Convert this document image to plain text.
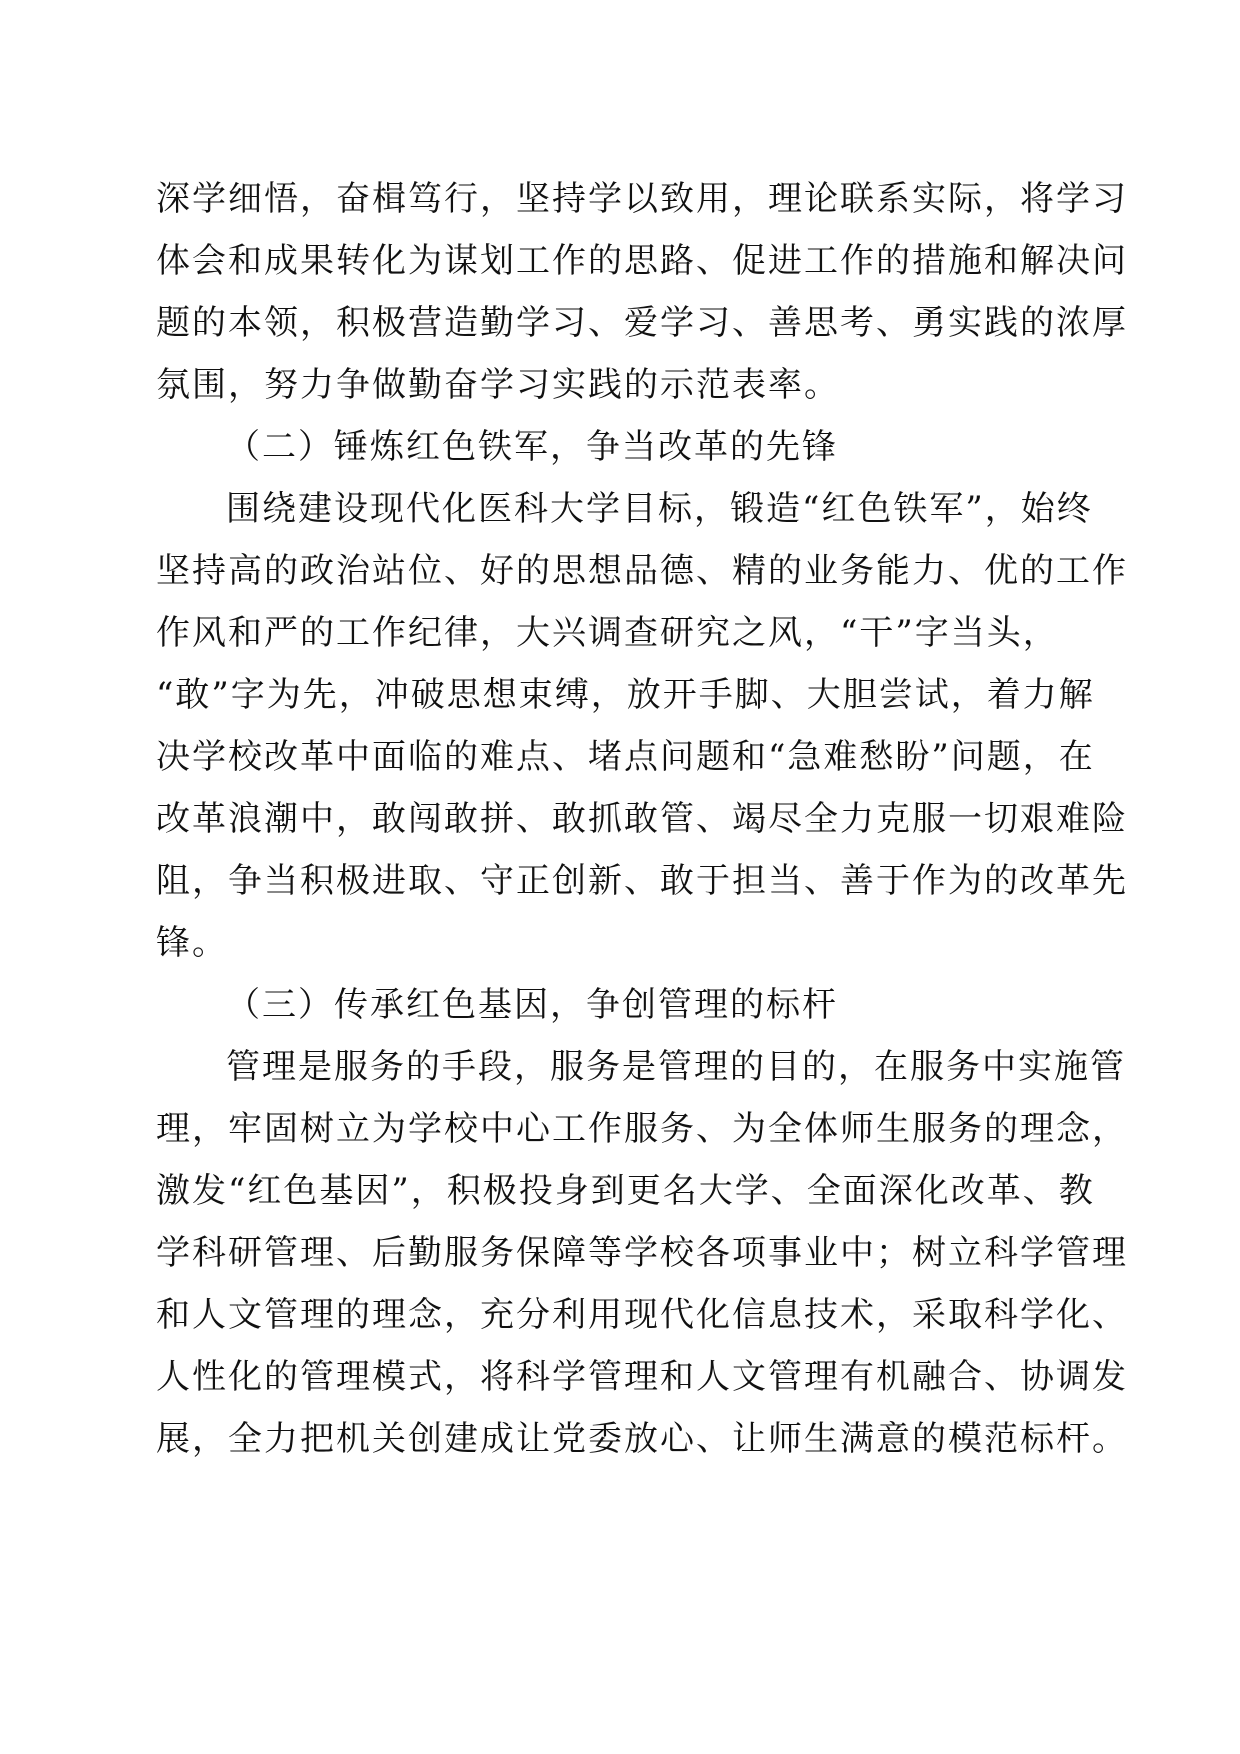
深学细悟，奋楫笃行，坚持学以致用，理论联系实际，将学习
体会和成果转化为谋划工作的思路、促进工作的措施和解决问
题的本领，积极营造勤学习、爱学习、善思考、勇实践的浓厚
氛围，努力争做勤奋学习实践的示范表率。
（二）锤炼红色铁军，争当改革的先锋
围绕建设现代化医科大学目标，锻造“红色铁军”，始终
坚持高的政治站位、好的思想品德、精的业务能力、优的工作
作风和严的工作纪律，大兴调查研究之风，“干”字当头，
“敢”字为先，冲破思想束缚，放开手脚、大胆尝试，着力解
决学校改革中面临的难点、堵点问题和“急难愁盼”问题，在
改革浪潮中，敢闯敢拼、敢抓敢管、竭尽全力克服一切艰难险
阻，争当积极进取、守正创新、敢于担当、善于作为的改革先
锋。
（三）传承红色基因，争创管理的标杆
管理是服务的手段，服务是管理的目的，在服务中实施管
理，牢固树立为学校中心工作服务、为全体师生服务的理念，
激发“红色基因”，积极投身到更名大学、全面深化改革、教
学科研管理、后勤服务保障等学校各项事业中；树立科学管理
和人文管理的理念，充分利用现代化信息技术，采取科学化、
人性化的管理模式，将科学管理和人文管理有机融合、协调发
展，全力把机关创建成让党委放心、让师生满意的模范标杆。
